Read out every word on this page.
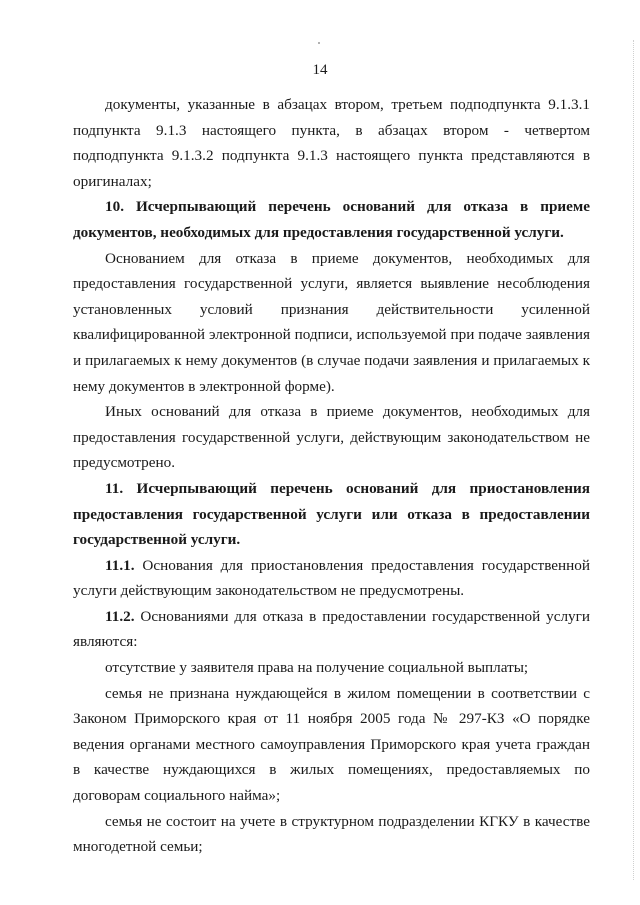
14

документы, указанные в абзацах втором, третьем подподпункта 9.1.3.1 подпункта 9.1.3 настоящего пункта, в абзацах втором - четвертом подподпункта 9.1.3.2 подпункта 9.1.3 настоящего пункта представляются в оригиналах;

10. Исчерпывающий перечень оснований для отказа в приеме документов, необходимых для предоставления государственной услуги.

Основанием для отказа в приеме документов, необходимых для предоставления государственной услуги, является выявление несоблюдения установленных условий признания действительности усиленной квалифицированной электронной подписи, используемой при подаче заявления и прилагаемых к нему документов (в случае подачи заявления и прилагаемых к нему документов в электронной форме).

Иных оснований для отказа в приеме документов, необходимых для предоставления государственной услуги, действующим законодательством не предусмотрено.

11. Исчерпывающий перечень оснований для приостановления предоставления государственной услуги или отказа в предоставлении государственной услуги.

11.1. Основания для приостановления предоставления государственной услуги действующим законодательством не предусмотрены.

11.2. Основаниями для отказа в предоставлении государственной услуги являются:

отсутствие у заявителя права на получение социальной выплаты;

семья не признана нуждающейся в жилом помещении в соответствии с Законом Приморского края от 11 ноября 2005 года № 297-КЗ «О порядке ведения органами местного самоуправления Приморского края учета граждан в качестве нуждающихся в жилых помещениях, предоставляемых по договорам социального найма»;

семья не состоит на учете в структурном подразделении КГКУ в качестве многодетной семьи;
